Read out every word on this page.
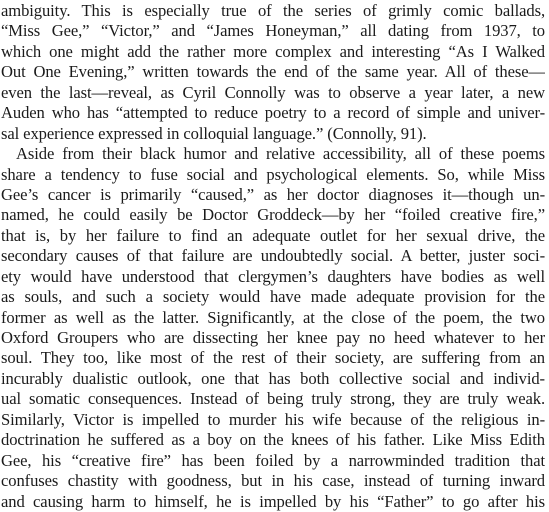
ambiguity. This is especially true of the series of grimly comic ballads,
“Miss Gee,” “Victor,” and “James Honeyman,” all dating from 1937, to
which one might add the rather more complex and interesting “As I Walked
Out One Evening,” written towards the end of the same year. All of these—
even the last—reveal, as Cyril Connolly was to observe a year later, a new
Auden who has “attempted to reduce poetry to a record of simple and univer-
sal experience expressed in colloquial language.” (Connolly, 91).
Aside from their black humor and relative accessibility, all of these poems
share a tendency to fuse social and psychological elements. So, while Miss
Gee’s cancer is primarily “caused,” as her doctor diagnoses it—though un-
named, he could easily be Doctor Groddeck—by her “foiled creative fire,”
that is, by her failure to find an adequate outlet for her sexual drive, the
secondary causes of that failure are undoubtedly social. A better, juster soci-
ety would have understood that clergymen’s daughters have bodies as well
as souls, and such a society would have made adequate provision for the
former as well as the latter. Significantly, at the close of the poem, the two
Oxford Groupers who are dissecting her knee pay no heed whatever to her
soul. They too, like most of the rest of their society, are suffering from an
incurably dualistic outlook, one that has both collective social and individ-
ual somatic consequences. Instead of being truly strong, they are truly weak.
Similarly, Victor is impelled to murder his wife because of the religious in-
doctrination he suffered as a boy on the knees of his father. Like Miss Edith
Gee, his “creative fire” has been foiled by a narrowminded tradition that
confuses chastity with goodness, but in his case, instead of turning inward
and causing harm to himself, he is impelled by his “Father” to go after his
